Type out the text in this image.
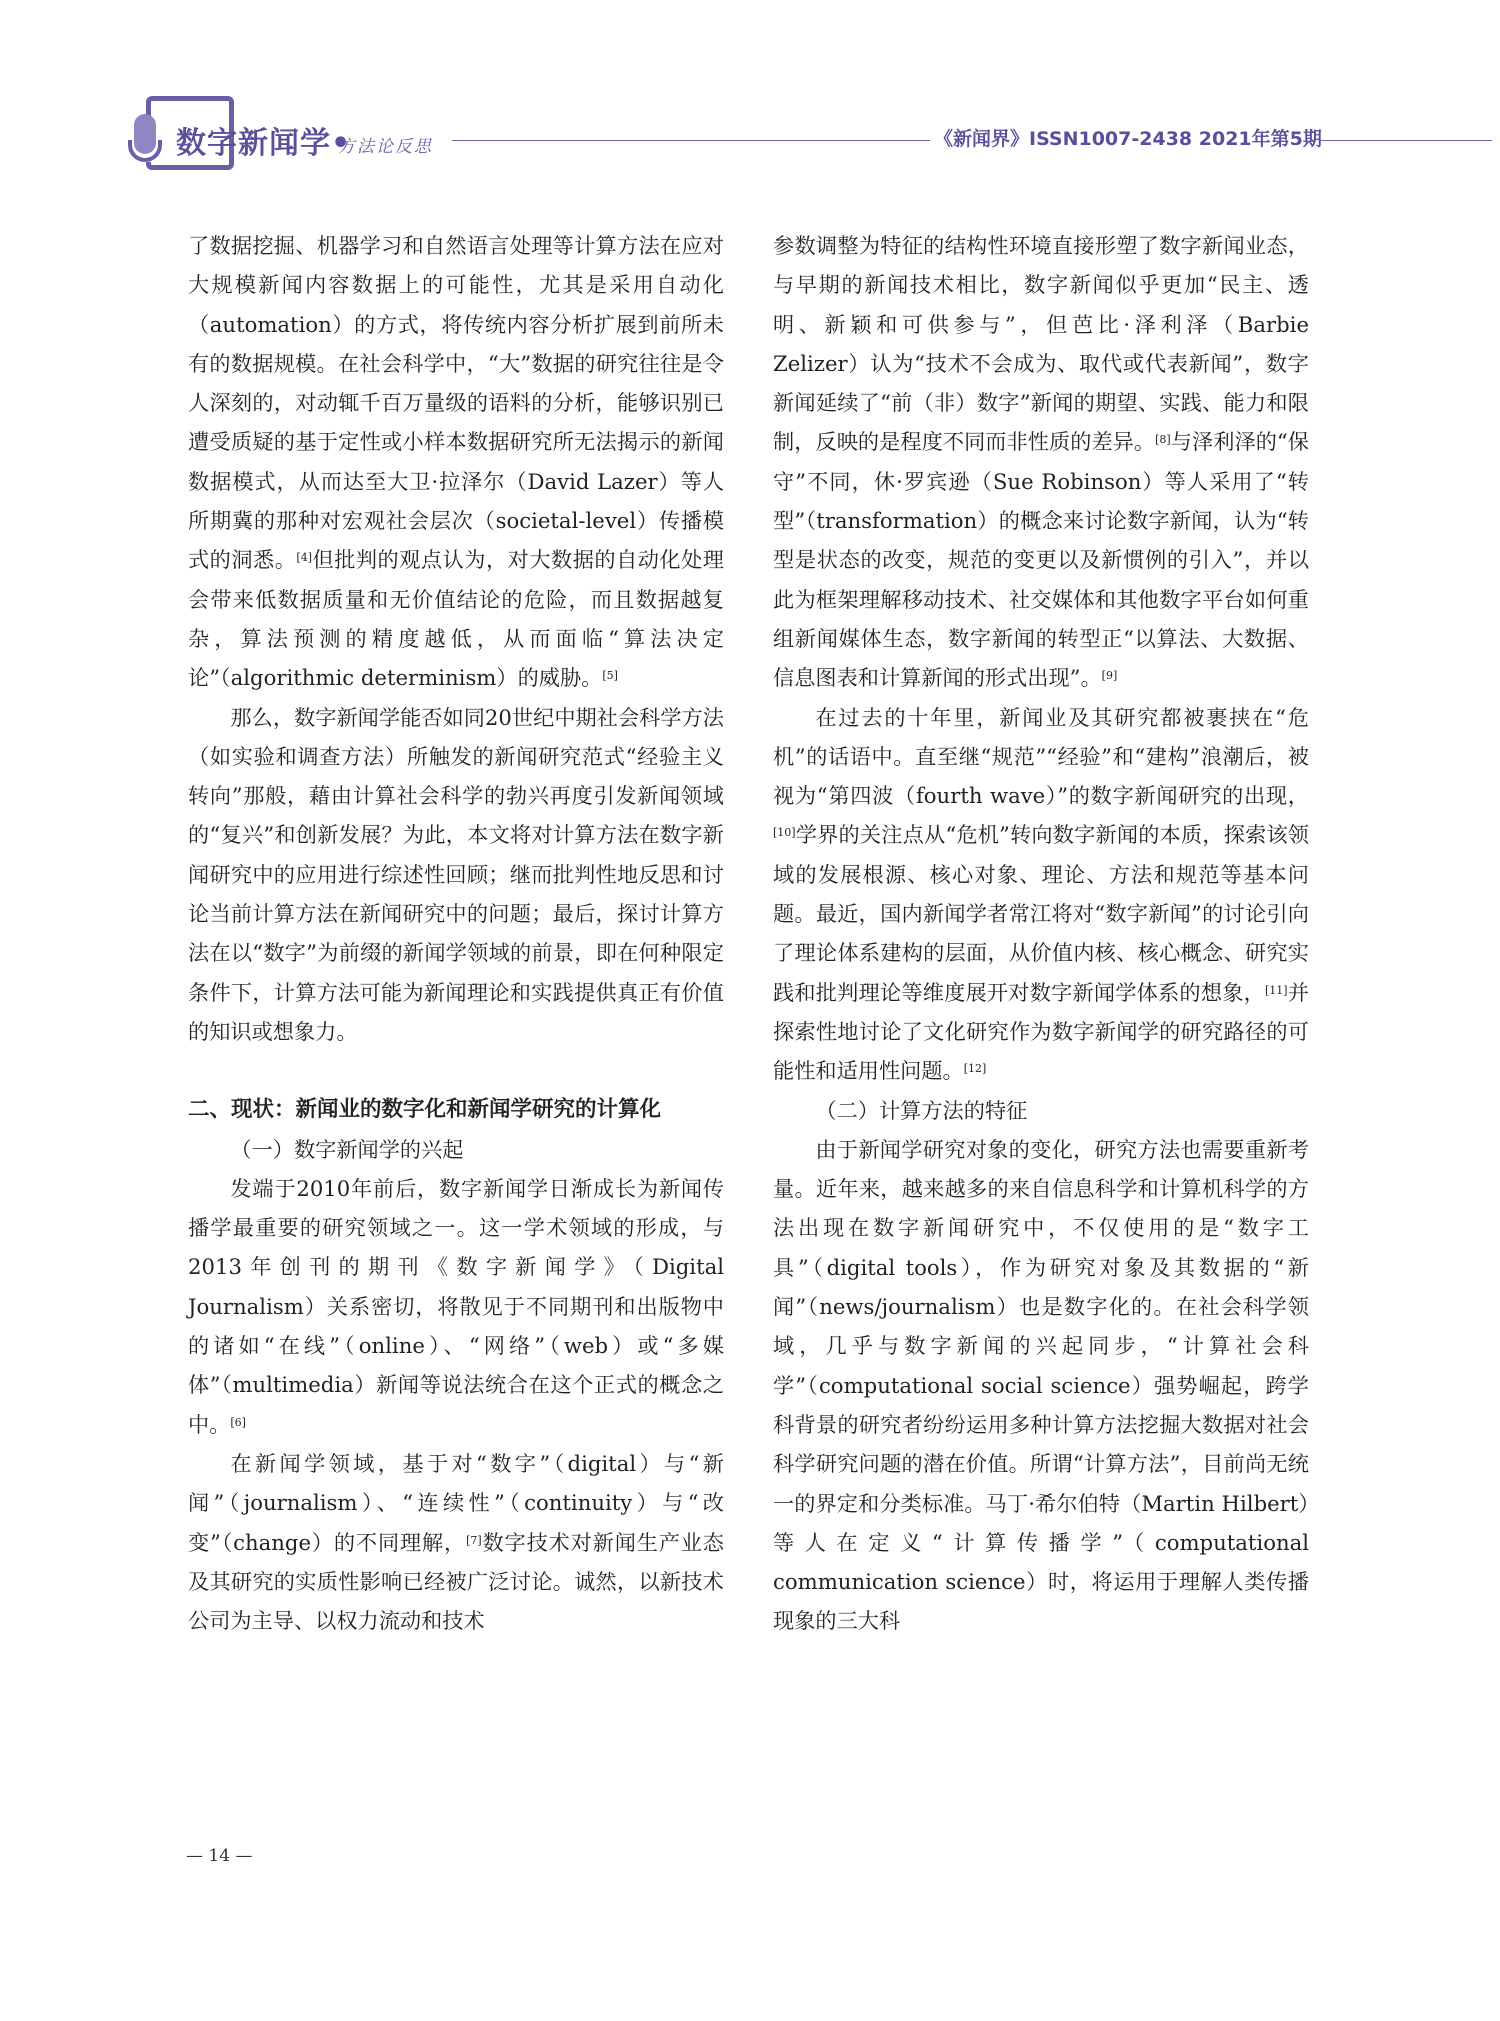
数字新闻学•
方法论反思	《新闻界》ISSN1007-2438 2021年第5期

了数据挖掘、机器学习和自然语言处理等计算方法在应对大规模新闻内容数据上的可能性，尤其是采用自动化（automation）的方式，将传统内容分析扩展到前所未有的数据规模。在社会科学中，“大”数据的研究往往是令人深刻的，对动辄千百万量级的语料的分析，能够识别已遭受质疑的基于定性或小样本数据研究所无法揭示的新闻数据模式，从而达至大卫·拉泽尔（David Lazer）等人所期冀的那种对宏观社会层次（societal-level）传播模式的洞悉。[4]但批判的观点认为，对大数据的自动化处理会带来低数据质量和无价值结论的危险，而且数据越复杂，算法预测的精度越低，从而面临“算法决定论”（algorithmic determinism）的威胁。[5]

那么，数字新闻学能否如同20世纪中期社会科学方法（如实验和调查方法）所触发的新闻研究范式“经验主义转向”那般，藉由计算社会科学的勃兴再度引发新闻领域的“复兴”和创新发展？为此，本文将对计算方法在数字新闻研究中的应用进行综述性回顾；继而批判性地反思和讨论当前计算方法在新闻研究中的问题；最后，探讨计算方法在以“数字”为前缀的新闻学领域的前景，即在何种限定条件下，计算方法可能为新闻理论和实践提供真正有价值的知识或想象力。

二、现状：新闻业的数字化和新闻学研究的计算化

（一）数字新闻学的兴起

发端于2010年前后，数字新闻学日渐成长为新闻传播学最重要的研究领域之一。这一学术领域的形成，与2013年创刊的期刊《数字新闻学》（Digital Journalism）关系密切，将散见于不同期刊和出版物中的诸如“在线”（online）、“网络”（web）或“多媒体”（multimedia）新闻等说法统合在这个正式的概念之中。[6]

在新闻学领域，基于对“数字”（digital）与“新闻”（journalism）、“连续性”（continuity）与“改变”（change）的不同理解，[7]数字技术对新闻生产业态及其研究的实质性影响已经被广泛讨论。诚然，以新技术公司为主导、以权力流动和技术

参数调整为特征的结构性环境直接形塑了数字新闻业态，与早期的新闻技术相比，数字新闻似乎更加“民主、透明、新颖和可供参与”，但芭比·泽利泽（Barbie Zelizer）认为“技术不会成为、取代或代表新闻”，数字新闻延续了“前（非）数字”新闻的期望、实践、能力和限制，反映的是程度不同而非性质的差异。[8]与泽利泽的“保守”不同，休·罗宾逊（Sue Robinson）等人采用了“转型”（transformation）的概念来讨论数字新闻，认为“转型是状态的改变，规范的变更以及新惯例的引入”，并以此为框架理解移动技术、社交媒体和其他数字平台如何重组新闻媒体生态，数字新闻的转型正“以算法、大数据、信息图表和计算新闻的形式出现”。[9]

在过去的十年里，新闻业及其研究都被裹挟在“危机”的话语中。直至继“规范”“经验”和“建构”浪潮后，被视为“第四波（fourth wave）”的数字新闻研究的出现，[10]学界的关注点从“危机”转向数字新闻的本质，探索该领域的发展根源、核心对象、理论、方法和规范等基本问题。最近，国内新闻学者常江将对“数字新闻”的讨论引向了理论体系建构的层面，从价值内核、核心概念、研究实践和批判理论等维度展开对数字新闻学体系的想象，[11]并探索性地讨论了文化研究作为数字新闻学的研究路径的可能性和适用性问题。[12]

（二）计算方法的特征

由于新闻学研究对象的变化，研究方法也需要重新考量。近年来，越来越多的来自信息科学和计算机科学的方法出现在数字新闻研究中，不仅使用的是“数字工具”（digital tools），作为研究对象及其数据的“新闻”（news/journalism）也是数字化的。在社会科学领域，几乎与数字新闻的兴起同步，“计算社会科学”（computational social science）强势崛起，跨学科背景的研究者纷纷运用多种计算方法挖掘大数据对社会科学研究问题的潜在价值。所谓“计算方法”，目前尚无统一的界定和分类标准。马丁·希尔伯特（Martin Hilbert）等人在定义“计算传播学”（computational communication science）时，将运用于理解人类传播现象的三大科

— 14 —
